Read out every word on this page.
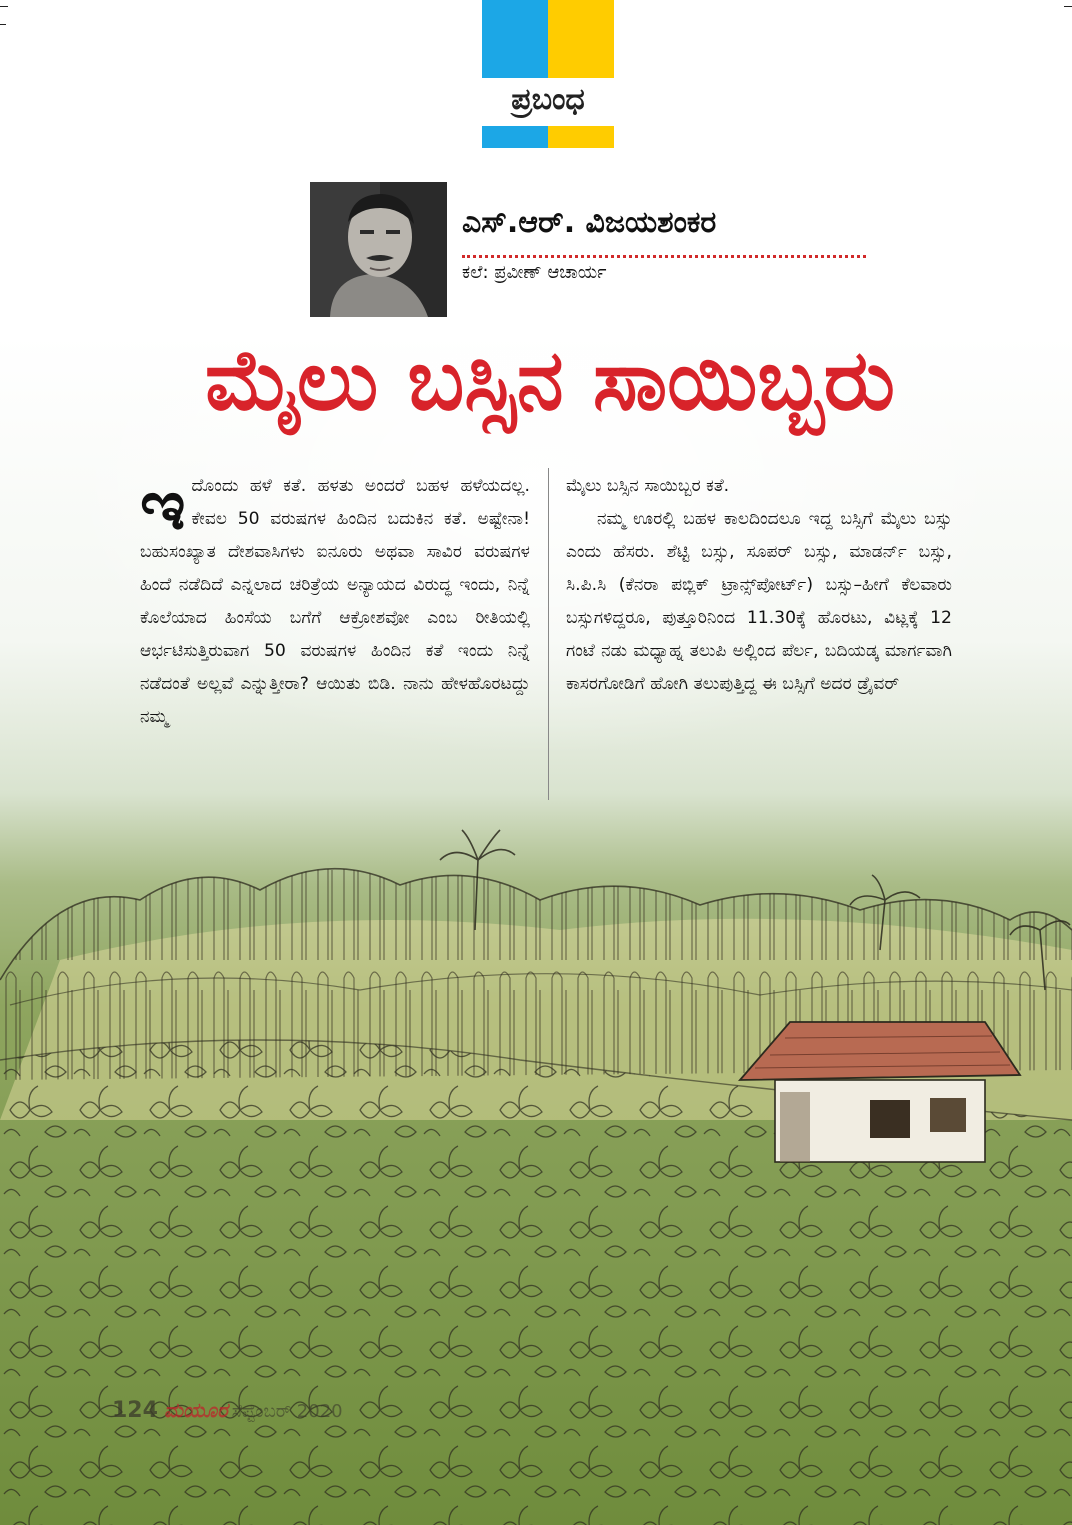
ಪ್ರಬಂಧ
ಎಸ್‌.ಆರ್‌. ವಿಜಯಶಂಕರ
ಕಲೆ: ಪ್ರವೀಣ್ ಆಚಾರ್ಯ
ಮೈಲು ಬಸ್ಸಿನ ಸಾಯಿಬ್ಬರು
ಇದೊಂದು ಹಳೆ ಕತೆ. ಹಳತು ಅಂದರೆ ಬಹಳ ಹಳೆಯದಲ್ಲ. ಕೇವಲ 50 ವರುಷಗಳ ಹಿಂದಿನ ಬದುಕಿನ ಕತೆ. ಅಷ್ಟೇನಾ! ಬಹುಸಂಖ್ಯಾತ ದೇಶವಾಸಿಗಳು ಐನೂರು ಅಥವಾ ಸಾವಿರ ವರುಷಗಳ ಹಿಂದೆ ನಡೆದಿದೆ ಎನ್ನಲಾದ ಚರಿತ್ರೆಯ ಅನ್ಯಾಯದ ವಿರುದ್ಧ ಇಂದು, ನಿನ್ನೆ ಕೊಲೆಯಾದ ಹಿಂಸೆಯ ಬಗೆಗೆ ಆಕ್ರೋಶವೋ ಎಂಬ ರೀತಿಯಲ್ಲಿ ಆರ್ಭಟಿಸುತ್ತಿರುವಾಗ 50 ವರುಷಗಳ ಹಿಂದಿನ ಕತೆ ಇಂದು ನಿನ್ನೆ ನಡೆದಂತೆ ಅಲ್ಲವೆ ಎನ್ನುತ್ತೀರಾ? ಆಯಿತು ಬಿಡಿ. ನಾನು ಹೇಳಹೊರಟದ್ದು ನಮ್ಮ
ಮೈಲು ಬಸ್ಸಿನ ಸಾಯಿಬ್ಬರ ಕತೆ.
ನಮ್ಮ ಊರಲ್ಲಿ ಬಹಳ ಕಾಲದಿಂದಲೂ ಇದ್ದ ಬಸ್ಸಿಗೆ ಮೈಲು ಬಸ್ಸು ಎಂದು ಹೆಸರು. ಶೆಟ್ಟಿ ಬಸ್ಸು, ಸೂಪರ್ ಬಸ್ಸು, ಮಾಡರ್ನ್ ಬಸ್ಸು, ಸಿ.ಪಿ.ಸಿ (ಕೆನರಾ ಪಬ್ಲಿಕ್ ಟ್ರಾನ್ಸ್‌ಪೋರ್ಟ್) ಬಸ್ಸು–ಹೀಗೆ ಕೆಲವಾರು ಬಸ್ಸುಗಳಿದ್ದರೂ, ಪುತ್ತೂರಿನಿಂದ 11.30ಕ್ಕೆ ಹೊರಟು, ವಿಟ್ಲಕ್ಕೆ 12 ಗಂಟೆ ನಡು ಮಧ್ಯಾಹ್ನ ತಲುಪಿ ಅಲ್ಲಿಂದ ಪೆರ್ಲ, ಬದಿಯಡ್ಕ ಮಾರ್ಗವಾಗಿ ಕಾಸರಗೋಡಿಗೆ ಹೋಗಿ ತಲುಪುತ್ತಿದ್ದ ಈ ಬಸ್ಸಿಗೆ ಅದರ ಡ್ರೈವರ್
124 ಮಯೂರ ಸೆಪ್ಟೆಂಬರ್ 2020
